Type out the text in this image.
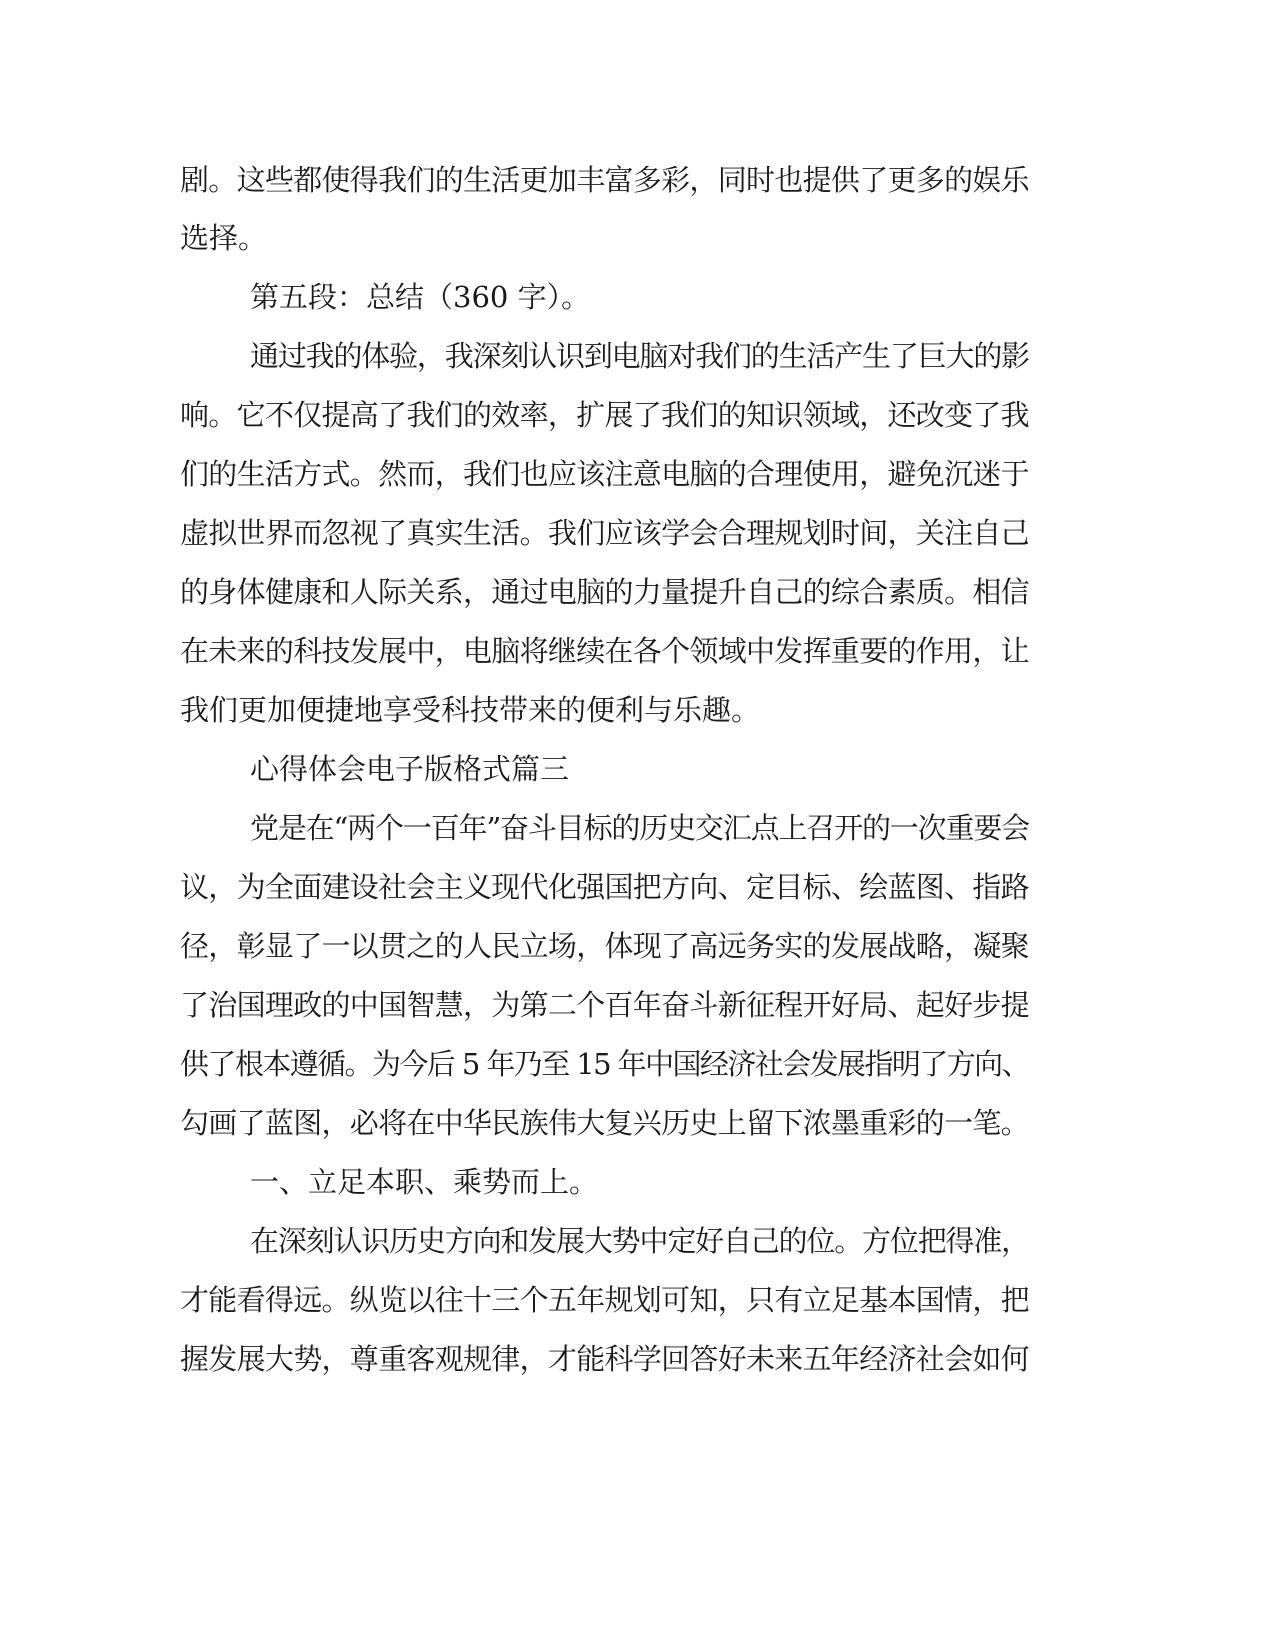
剧。这些都使得我们的生活更加丰富多彩，同时也提供了更多的娱乐

选择。

第五段：总结（360 字）。

通过我的体验，我深刻认识到电脑对我们的生活产生了巨大的影

响。它不仅提高了我们的效率，扩展了我们的知识领域，还改变了我

们的生活方式。然而，我们也应该注意电脑的合理使用，避免沉迷于

虚拟世界而忽视了真实生活。我们应该学会合理规划时间，关注自己

的身体健康和人际关系，通过电脑的力量提升自己的综合素质。相信

在未来的科技发展中，电脑将继续在各个领域中发挥重要的作用，让

我们更加便捷地享受科技带来的便利与乐趣。

心得体会电子版格式篇三

党是在“两个一百年”奋斗目标的历史交汇点上召开的一次重要会

议，为全面建设社会主义现代化强国把方向、定目标、绘蓝图、指路

径，彰显了一以贯之的人民立场，体现了高远务实的发展战略，凝聚

了治国理政的中国智慧，为第二个百年奋斗新征程开好局、起好步提

供了根本遵循。为今后 5 年乃至 15 年中国经济社会发展指明了方向、

勾画了蓝图，必将在中华民族伟大复兴历史上留下浓墨重彩的一笔。

一、立足本职、乘势而上。

在深刻认识历史方向和发展大势中定好自己的位。方位把得准，

才能看得远。纵览以往十三个五年规划可知，只有立足基本国情，把

握发展大势，尊重客观规律，才能科学回答好未来五年经济社会如何
